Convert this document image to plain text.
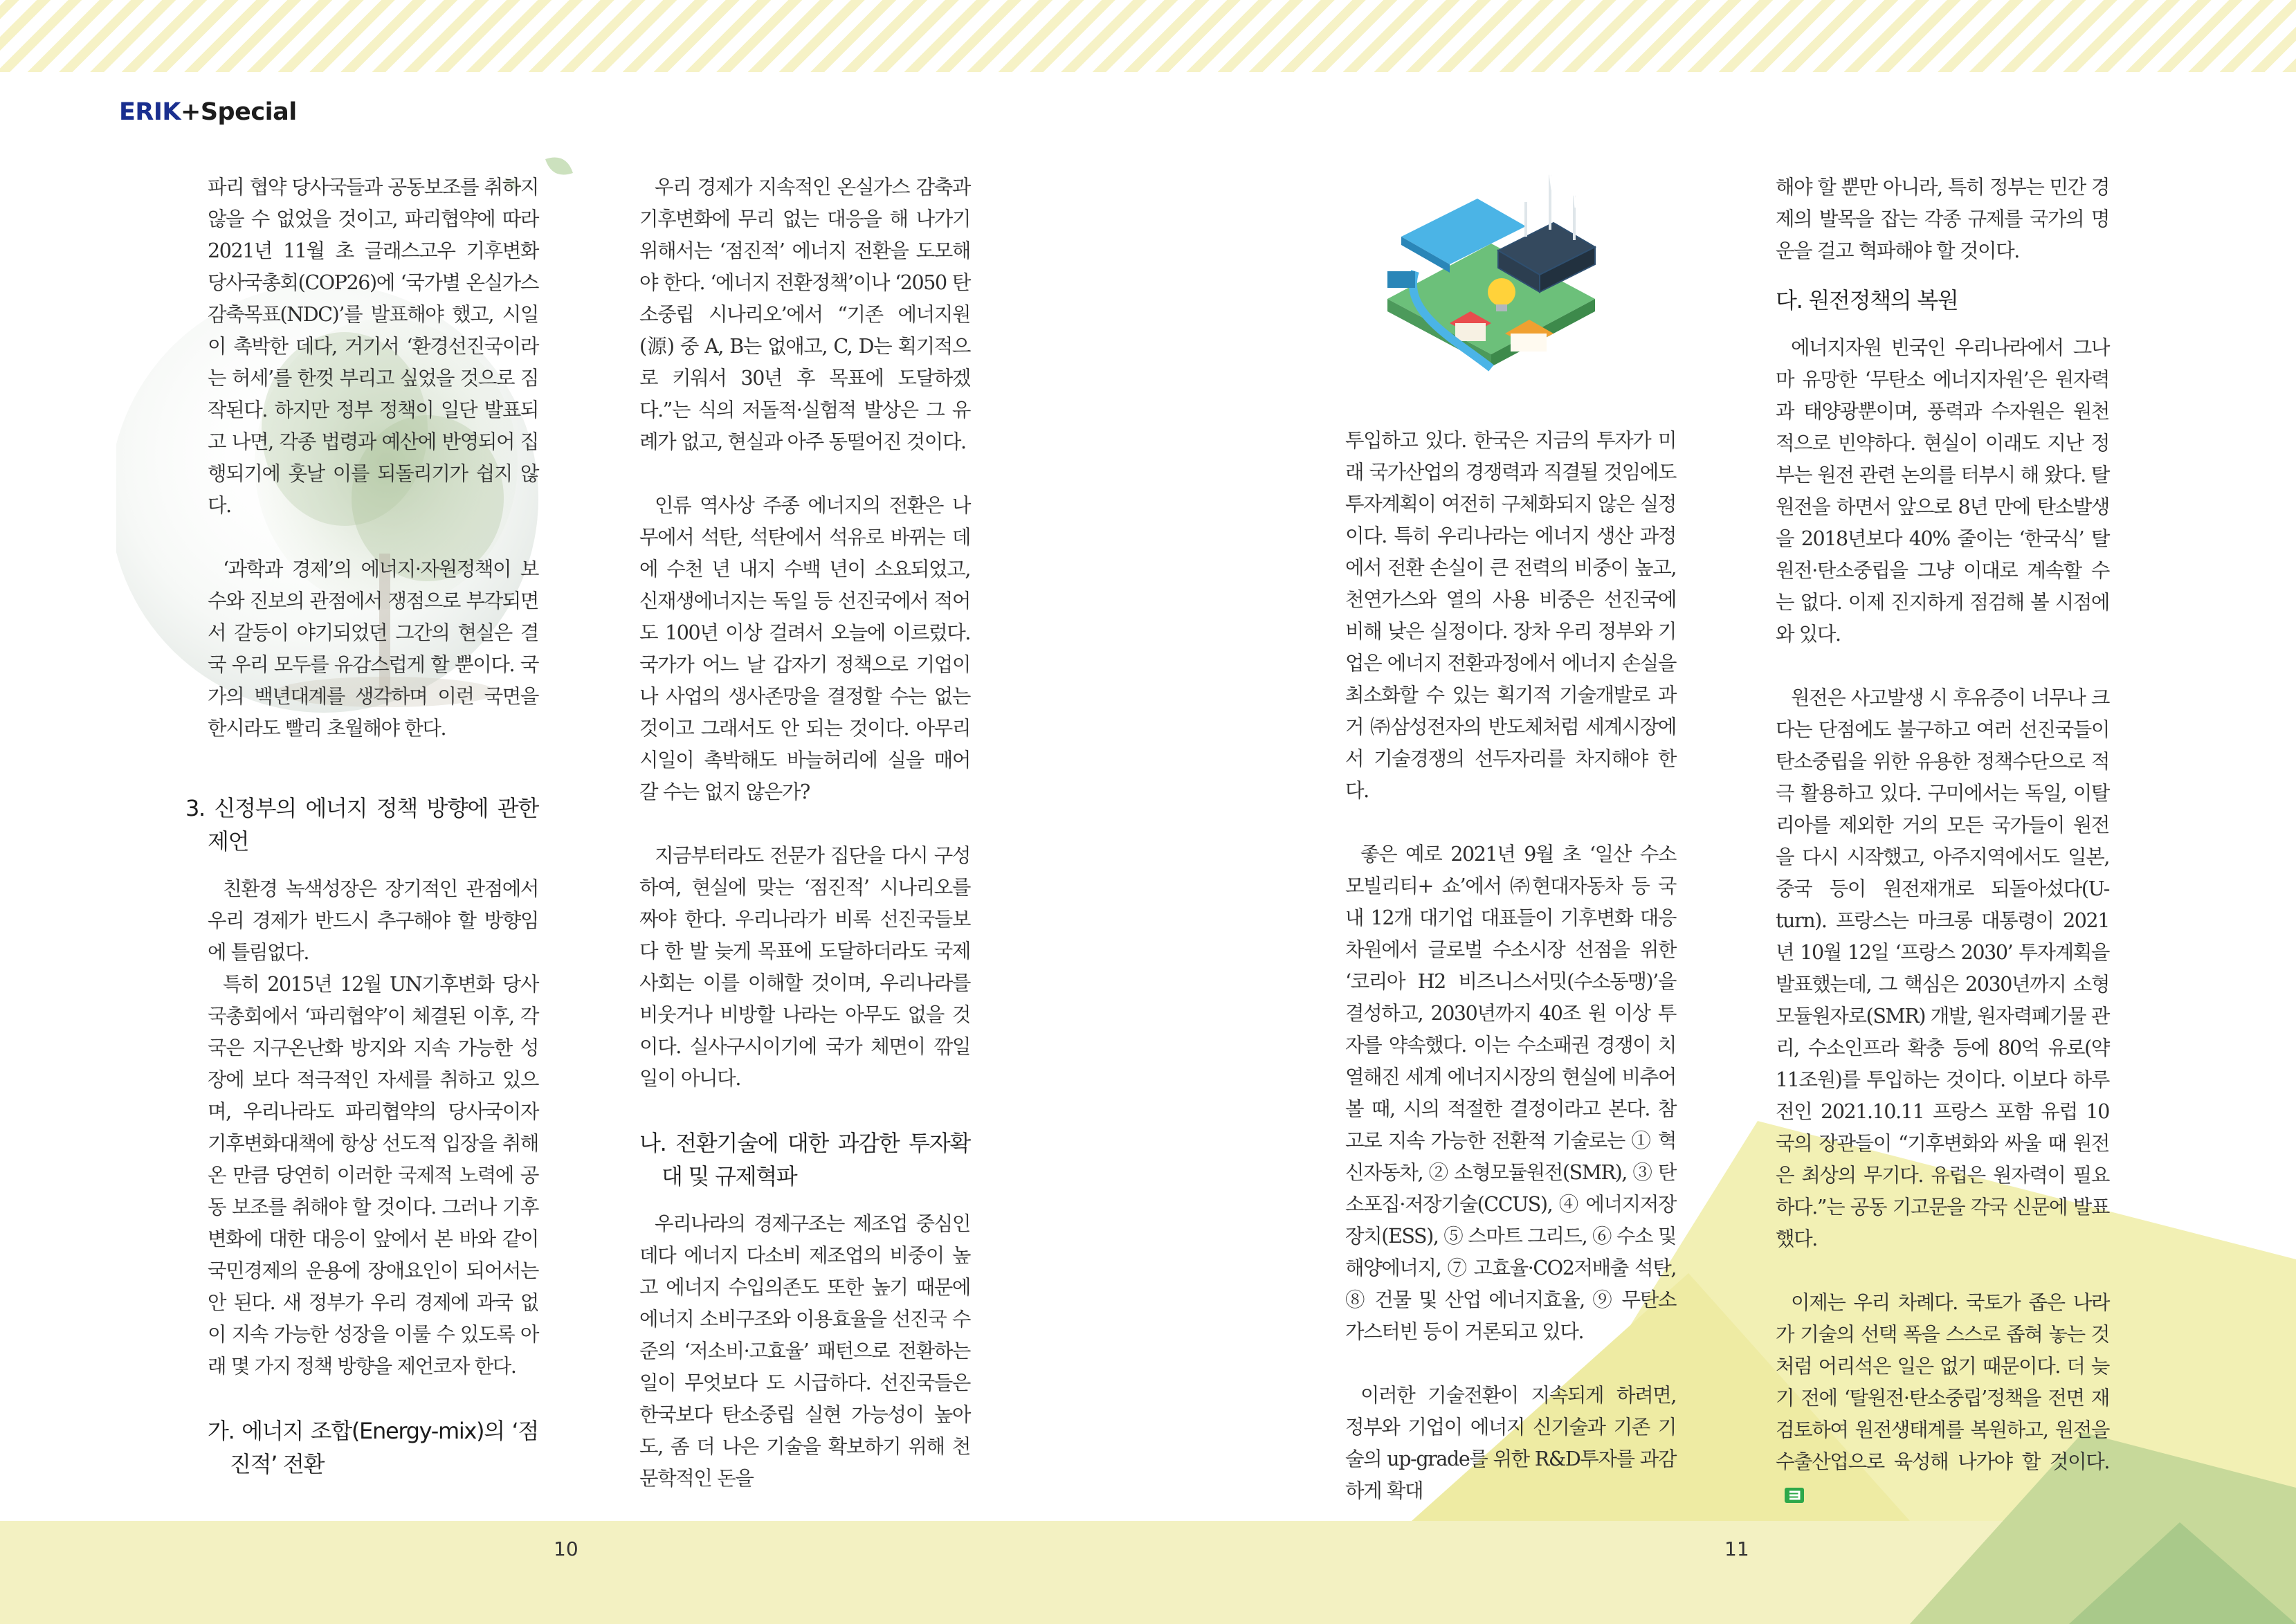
ERIK+Special

파리 협약 당사국들과 공동보조를 취하지 않을 수 없었을 것이고, 파리협약에 따라 2021년 11월 초 글래스고우 기후변화 당사국총회(COP26)에 ‘국가별 온실가스 감축목표(NDC)’를 발표해야 했고, 시일이 촉박한 데다, 거기서 ‘환경선진국이라는 허세’를 한껏 부리고 싶었을 것으로 짐작된다. 하지만 정부 정책이 일단 발표되고 나면, 각종 법령과 예산에 반영되어 집행되기에 훗날 이를 되돌리기가 쉽지 않다.

‘과학과 경제’의 에너지·자원정책이 보수와 진보의 관점에서 쟁점으로 부각되면서 갈등이 야기되었던 그간의 현실은 결국 우리 모두를 유감스럽게 할 뿐이다. 국가의 백년대계를 생각하며 이런 국면을 한시라도 빨리 초월해야 한다.

3. 신정부의 에너지 정책 방향에 관한 제언

친환경 녹색성장은 장기적인 관점에서 우리 경제가 반드시 추구해야 할 방향임에 틀림없다.

특히 2015년 12월 UN기후변화 당사국총회에서 ‘파리협약’이 체결된 이후, 각국은 지구온난화 방지와 지속 가능한 성장에 보다 적극적인 자세를 취하고 있으며, 우리나라도 파리협약의 당사국이자 기후변화대책에 항상 선도적 입장을 취해 온 만큼 당연히 이러한 국제적 노력에 공동 보조를 취해야 할 것이다. 그러나 기후변화에 대한 대응이 앞에서 본 바와 같이 국민경제의 운용에 장애요인이 되어서는 안 된다. 새 정부가 우리 경제에 과국 없이 지속 가능한 성장을 이룰 수 있도록 아래 몇 가지 정책 방향을 제언코자 한다.

가. 에너지 조합(Energy-mix)의 ‘점진적’ 전환

우리 경제가 지속적인 온실가스 감축과 기후변화에 무리 없는 대응을 해 나가기 위해서는 ‘점진적’ 에너지 전환을 도모해야 한다. ‘에너지 전환정책’이나 ‘2050 탄소중립 시나리오’에서 “기존 에너지원(源) 중 A, B는 없애고, C, D는 획기적으로 키워서 30년 후 목표에 도달하겠다.”는 식의 저돌적·실험적 발상은 그 유례가 없고, 현실과 아주 동떨어진 것이다.

인류 역사상 주종 에너지의 전환은 나무에서 석탄, 석탄에서 석유로 바뀌는 데에 수천 년 내지 수백 년이 소요되었고, 신재생에너지는 독일 등 선진국에서 적어도 100년 이상 걸려서 오늘에 이르렀다. 국가가 어느 날 갑자기 정책으로 기업이나 사업의 생사존망을 결정할 수는 없는 것이고 그래서도 안 되는 것이다. 아무리 시일이 촉박해도 바늘허리에 실을 매어 갈 수는 없지 않은가?

지금부터라도 전문가 집단을 다시 구성하여, 현실에 맞는 ‘점진적’ 시나리오를 짜야 한다. 우리나라가 비록 선진국들보다 한 발 늦게 목표에 도달하더라도 국제사회는 이를 이해할 것이며, 우리나라를 비웃거나 비방할 나라는 아무도 없을 것이다. 실사구시이기에 국가 체면이 깎일 일이 아니다.

나. 전환기술에 대한 과감한 투자확대 및 규제혁파

우리나라의 경제구조는 제조업 중심인데다 에너지 다소비 제조업의 비중이 높고 에너지 수입의존도 또한 높기 때문에 에너지 소비구조와 이용효율을 선진국 수준의 ‘저소비·고효율’ 패턴으로 전환하는 일이 무엇보다 도 시급하다. 선진국들은 한국보다 탄소중립 실현 가능성이 높아도, 좀 더 나은 기술을 확보하기 위해 천문학적인 돈을

투입하고 있다. 한국은 지금의 투자가 미래 국가산업의 경쟁력과 직결될 것임에도 투자계획이 여전히 구체화되지 않은 실정이다. 특히 우리나라는 에너지 생산 과정에서 전환 손실이 큰 전력의 비중이 높고, 천연가스와 열의 사용 비중은 선진국에 비해 낮은 실정이다. 장차 우리 정부와 기업은 에너지 전환과정에서 에너지 손실을 최소화할 수 있는 획기적 기술개발로 과거 ㈜삼성전자의 반도체처럼 세계시장에서 기술경쟁의 선두자리를 차지해야 한다.

좋은 예로 2021년 9월 초 ‘일산 수소 모빌리티+ 쇼’에서 ㈜현대자동차 등 국내 12개 대기업 대표들이 기후변화 대응차원에서 글로벌 수소시장 선점을 위한 ‘코리아 H2 비즈니스서밋(수소동맹)’을 결성하고, 2030년까지 40조 원 이상 투자를 약속했다. 이는 수소패권 경쟁이 치열해진 세계 에너지시장의 현실에 비추어 볼 때, 시의 적절한 결정이라고 본다. 참고로 지속 가능한 전환적 기술로는 ① 혁신자동차, ② 소형모듈원전(SMR), ③ 탄소포집·저장기술(CCUS), ④ 에너지저장장치(ESS), ⑤ 스마트 그리드, ⑥ 수소 및 해양에너지, ⑦ 고효율·CO2저배출 석탄, ⑧ 건물 및 산업 에너지효율, ⑨ 무탄소 가스터빈 등이 거론되고 있다.

이러한 기술전환이 지속되게 하려면, 정부와 기업이 에너지 신기술과 기존 기술의 up-grade를 위한 R&D투자를 과감하게 확대

해야 할 뿐만 아니라, 특히 정부는 민간 경제의 발목을 잡는 각종 규제를 국가의 명운을 걸고 혁파해야 할 것이다.

다. 원전정책의 복원

에너지자원 빈국인 우리나라에서 그나마 유망한 ‘무탄소 에너지자원’은 원자력과 태양광뿐이며, 풍력과 수자원은 원천적으로 빈약하다. 현실이 이래도 지난 정부는 원전 관련 논의를 터부시 해 왔다. 탈원전을 하면서 앞으로 8년 만에 탄소발생을 2018년보다 40% 줄이는 ‘한국식’ 탈원전·탄소중립을 그냥 이대로 계속할 수는 없다. 이제 진지하게 점검해 볼 시점에 와 있다.

원전은 사고발생 시 후유증이 너무나 크다는 단점에도 불구하고 여러 선진국들이 탄소중립을 위한 유용한 정책수단으로 적극 활용하고 있다. 구미에서는 독일, 이탈리아를 제외한 거의 모든 국가들이 원전을 다시 시작했고, 아주지역에서도 일본, 중국 등이 원전재개로 되돌아섰다(U-turn). 프랑스는 마크롱 대통령이 2021년 10월 12일 ‘프랑스 2030’ 투자계획을 발표했는데, 그 핵심은 2030년까지 소형모듈원자로(SMR) 개발, 원자력폐기물 관리, 수소인프라 확충 등에 80억 유로(약 11조원)를 투입하는 것이다. 이보다 하루 전인 2021.10.11 프랑스 포함 유럽 10국의 장관들이 “기후변화와 싸울 때 원전은 최상의 무기다. 유럽은 원자력이 필요하다.”는 공동 기고문을 각국 신문에 발표했다.

이제는 우리 차례다. 국토가 좁은 나라가 기술의 선택 폭을 스스로 좁혀 놓는 것처럼 어리석은 일은 없기 때문이다. 더 늦기 전에 ‘탈원전·탄소중립’정책을 전면 재검토하여 원전생태계를 복원하고, 원전을 수출산업으로 육성해 나가야 할 것이다.

10	11
